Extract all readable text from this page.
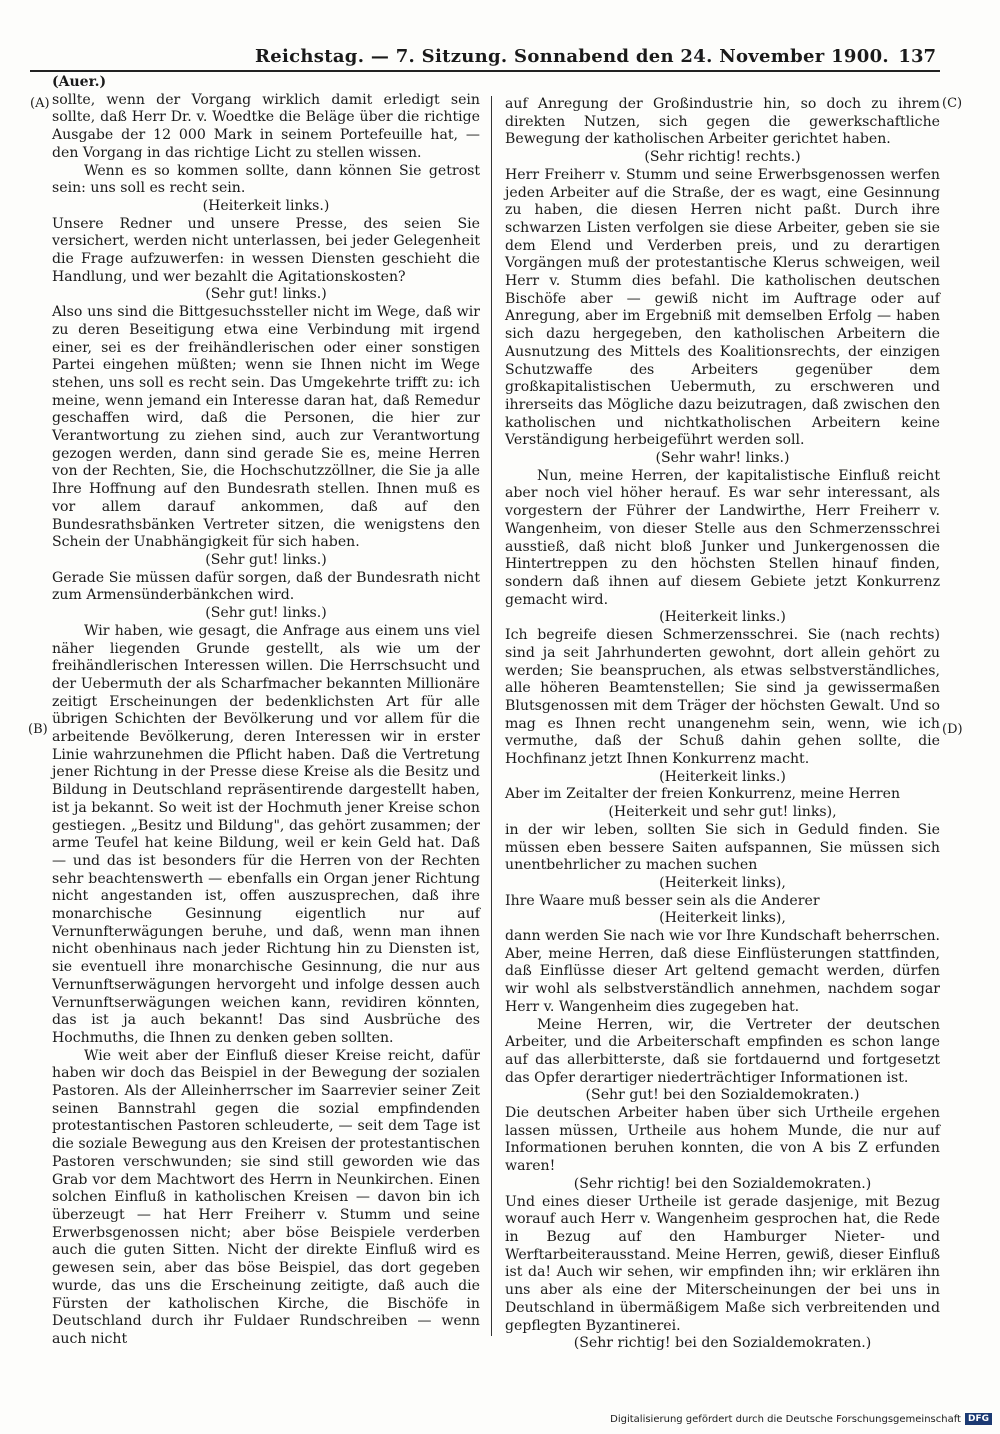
Reichstag. — 7. Sitzung. Sonnabend den 24. November 1900. 137
(A)
(B)
(C)
(D)

(Auer.)

sollte, wenn der Vorgang wirklich damit erledigt sein sollte, daß Herr Dr. v. Woedtke die Beläge über die richtige Ausgabe der 12 000 Mark in seinem Portefeuille hat, — den Vorgang in das richtige Licht zu stellen wissen.

Wenn es so kommen sollte, dann können Sie getrost sein: uns soll es recht sein.

(Heiterkeit links.)

Unsere Redner und unsere Presse, des seien Sie versichert, werden nicht unterlassen, bei jeder Gelegenheit die Frage aufzuwerfen: in wessen Diensten geschieht die Handlung, und wer bezahlt die Agitationskosten?

(Sehr gut! links.)

Also uns sind die Bittgesuchssteller nicht im Wege, daß wir zu deren Beseitigung etwa eine Verbindung mit irgend einer, sei es der freihändlerischen oder einer sonstigen Partei eingehen müßten; wenn sie Ihnen nicht im Wege stehen, uns soll es recht sein. Das Umgekehrte trifft zu: ich meine, wenn jemand ein Interesse daran hat, daß Remedur geschaffen wird, daß die Personen, die hier zur Verantwortung zu ziehen sind, auch zur Verantwortung gezogen werden, dann sind gerade Sie es, meine Herren von der Rechten, Sie, die Hochschutzzöllner, die Sie ja alle Ihre Hoffnung auf den Bundesrath stellen. Ihnen muß es vor allem darauf ankommen, daß auf den Bundesrathsbänken Vertreter sitzen, die wenigstens den Schein der Unabhängigkeit für sich haben.

(Sehr gut! links.)

Gerade Sie müssen dafür sorgen, daß der Bundesrath nicht zum Armensünderbänkchen wird.

(Sehr gut! links.)

Wir haben, wie gesagt, die Anfrage aus einem uns viel näher liegenden Grunde gestellt, als wie um der freihändlerischen Interessen willen. Die Herrschsucht und der Uebermuth der als Scharfmacher bekannten Millionäre zeitigt Erscheinungen der bedenklichsten Art für alle übrigen Schichten der Bevölkerung und vor allem für die arbeitende Bevölkerung, deren Interessen wir in erster Linie wahrzunehmen die Pflicht haben. Daß die Vertretung jener Richtung in der Presse diese Kreise als die Besitz und Bildung in Deutschland repräsentirende dargestellt haben, ist ja bekannt. So weit ist der Hochmuth jener Kreise schon gestiegen. „Besitz und Bildung", das gehört zusammen; der arme Teufel hat keine Bildung, weil er kein Geld hat. Daß — und das ist besonders für die Herren von der Rechten sehr beachtenswerth — ebenfalls ein Organ jener Richtung nicht angestanden ist, offen auszusprechen, daß ihre monarchische Gesinnung eigentlich nur auf Vernunfterwägungen beruhe, und daß, wenn man ihnen nicht obenhinaus nach jeder Richtung hin zu Diensten ist, sie eventuell ihre monarchische Gesinnung, die nur aus Vernunftserwägungen hervorgeht und infolge dessen auch Vernunftserwägungen weichen kann, revidiren könnten, das ist ja auch bekannt! Das sind Ausbrüche des Hochmuths, die Ihnen zu denken geben sollten.

Wie weit aber der Einfluß dieser Kreise reicht, dafür haben wir doch das Beispiel in der Bewegung der sozialen Pastoren. Als der Alleinherrscher im Saarrevier seiner Zeit seinen Bannstrahl gegen die sozial empfindenden protestantischen Pastoren schleuderte, — seit dem Tage ist die soziale Bewegung aus den Kreisen der protestantischen Pastoren verschwunden; sie sind still geworden wie das Grab vor dem Machtwort des Herrn in Neunkirchen. Einen solchen Einfluß in katholischen Kreisen — davon bin ich überzeugt — hat Herr Freiherr v. Stumm und seine Erwerbsgenossen nicht; aber böse Beispiele verderben auch die guten Sitten. Nicht der direkte Einfluß wird es gewesen sein, aber das böse Beispiel, das dort gegeben wurde, das uns die Erscheinung zeitigte, daß auch die Fürsten der katholischen Kirche, die Bischöfe in Deutschland durch ihr Fuldaer Rundschreiben — wenn auch nicht

auf Anregung der Großindustrie hin, so doch zu ihrem direkten Nutzen, sich gegen die gewerkschaftliche Bewegung der katholischen Arbeiter gerichtet haben.

(Sehr richtig! rechts.)

Herr Freiherr v. Stumm und seine Erwerbsgenossen werfen jeden Arbeiter auf die Straße, der es wagt, eine Gesinnung zu haben, die diesen Herren nicht paßt. Durch ihre schwarzen Listen verfolgen sie diese Arbeiter, geben sie sie dem Elend und Verderben preis, und zu derartigen Vorgängen muß der protestantische Klerus schweigen, weil Herr v. Stumm dies befahl. Die katholischen deutschen Bischöfe aber — gewiß nicht im Auftrage oder auf Anregung, aber im Ergebniß mit demselben Erfolg — haben sich dazu hergegeben, den katholischen Arbeitern die Ausnutzung des Mittels des Koalitionsrechts, der einzigen Schutzwaffe des Arbeiters gegenüber dem großkapitalistischen Uebermuth, zu erschweren und ihrerseits das Mögliche dazu beizutragen, daß zwischen den katholischen und nichtkatholischen Arbeitern keine Verständigung herbeigeführt werden soll.

(Sehr wahr! links.)

Nun, meine Herren, der kapitalistische Einfluß reicht aber noch viel höher herauf. Es war sehr interessant, als vorgestern der Führer der Landwirthe, Herr Freiherr v. Wangenheim, von dieser Stelle aus den Schmerzensschrei ausstieß, daß nicht bloß Junker und Junkergenossen die Hintertreppen zu den höchsten Stellen hinauf finden, sondern daß ihnen auf diesem Gebiete jetzt Konkurrenz gemacht wird.

(Heiterkeit links.)

Ich begreife diesen Schmerzensschrei. Sie (nach rechts) sind ja seit Jahrhunderten gewohnt, dort allein gehört zu werden; Sie beanspruchen, als etwas selbstverständliches, alle höheren Beamtenstellen; Sie sind ja gewissermaßen Blutsgenossen mit dem Träger der höchsten Gewalt. Und so mag es Ihnen recht unangenehm sein, wenn, wie ich vermuthe, daß der Schuß dahin gehen sollte, die Hochfinanz jetzt Ihnen Konkurrenz macht.

(Heiterkeit links.)

Aber im Zeitalter der freien Konkurrenz, meine Herren

(Heiterkeit und sehr gut! links),

in der wir leben, sollten Sie sich in Geduld finden. Sie müssen eben bessere Saiten aufspannen, Sie müssen sich unentbehrlicher zu machen suchen

(Heiterkeit links),

Ihre Waare muß besser sein als die Anderer

(Heiterkeit links),

dann werden Sie nach wie vor Ihre Kundschaft beherrschen. Aber, meine Herren, daß diese Einflüsterungen stattfinden, daß Einflüsse dieser Art geltend gemacht werden, dürfen wir wohl als selbstverständlich annehmen, nachdem sogar Herr v. Wangenheim dies zugegeben hat.

Meine Herren, wir, die Vertreter der deutschen Arbeiter, und die Arbeiterschaft empfinden es schon lange auf das allerbitterste, daß sie fortdauernd und fortgesetzt das Opfer derartiger niederträchtiger Informationen ist.

(Sehr gut! bei den Sozialdemokraten.)

Die deutschen Arbeiter haben über sich Urtheile ergehen lassen müssen, Urtheile aus hohem Munde, die nur auf Informationen beruhen konnten, die von A bis Z erfunden waren!

(Sehr richtig! bei den Sozialdemokraten.)

Und eines dieser Urtheile ist gerade dasjenige, mit Bezug worauf auch Herr v. Wangenheim gesprochen hat, die Rede in Bezug auf den Hamburger Nieter- und Werftarbeiterausstand. Meine Herren, gewiß, dieser Einfluß ist da! Auch wir sehen, wir empfinden ihn; wir erklären ihn uns aber als eine der Miterscheinungen der bei uns in Deutschland in übermäßigem Maße sich verbreitenden und gepflegten Byzantinerei.

(Sehr richtig! bei den Sozialdemokraten.)

Digitalisierung gefördert durch die Deutsche Forschungsgemeinschaft DFG
